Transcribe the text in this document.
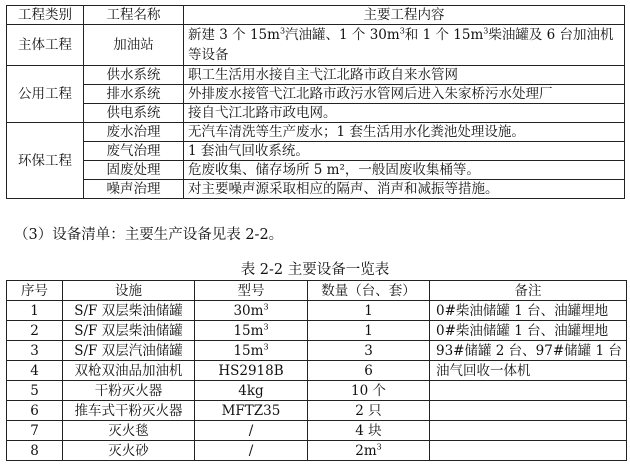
工程类别	工程名称	主要工程内容
主体工程	加油站	新建 3 个 $15m^3$汽油罐、1 个 $30m^3$和 1 个 $15m^3$柴油罐及 6 台加油机等设备
公用工程	供水系统	职工生活用水接自主弋江北路市政自来水管网
	排水系统	外排废水接管弋江北路市政污水管网后进入朱家桥污水处理厂
	供电系统	接自弋江北路市政电网。
环保工程	废水治理	无汽车清洗等生产废水；1 套生活用水化粪池处理设施。
	废气治理	1 套油气回收系统。
	固废处理	危废收集、储存场所 5 m²，一般固废收集桶等。
	噪声治理	对主要噪声源采取相应的隔声、消声和减振等措施。
（3）设备清单：主要生产设备见表 2-2。
表 2-2 主要设备一览表
序号	设施	型号	数量（台、套）	备注
1	S/F 双层柴油储罐	$30m^3$	1	0#柴油储罐 1 台、油罐埋地
2	S/F 双层柴油储罐	$15m^3$	1	0#柴油储罐 1 台、油罐埋地
3	S/F 双层汽油储罐	$15m^3$	3	93#储罐 2 台、97#储罐 1 台
4	双枪双油品加油机	HS2918B	6	油气回收一体机
5	干粉灭火器	4kg	10 个	
6	推车式干粉灭火器	MFTZ35	2 只	
7	灭火毯	/	4 块	
8	灭火砂	/	$2m^3$	
